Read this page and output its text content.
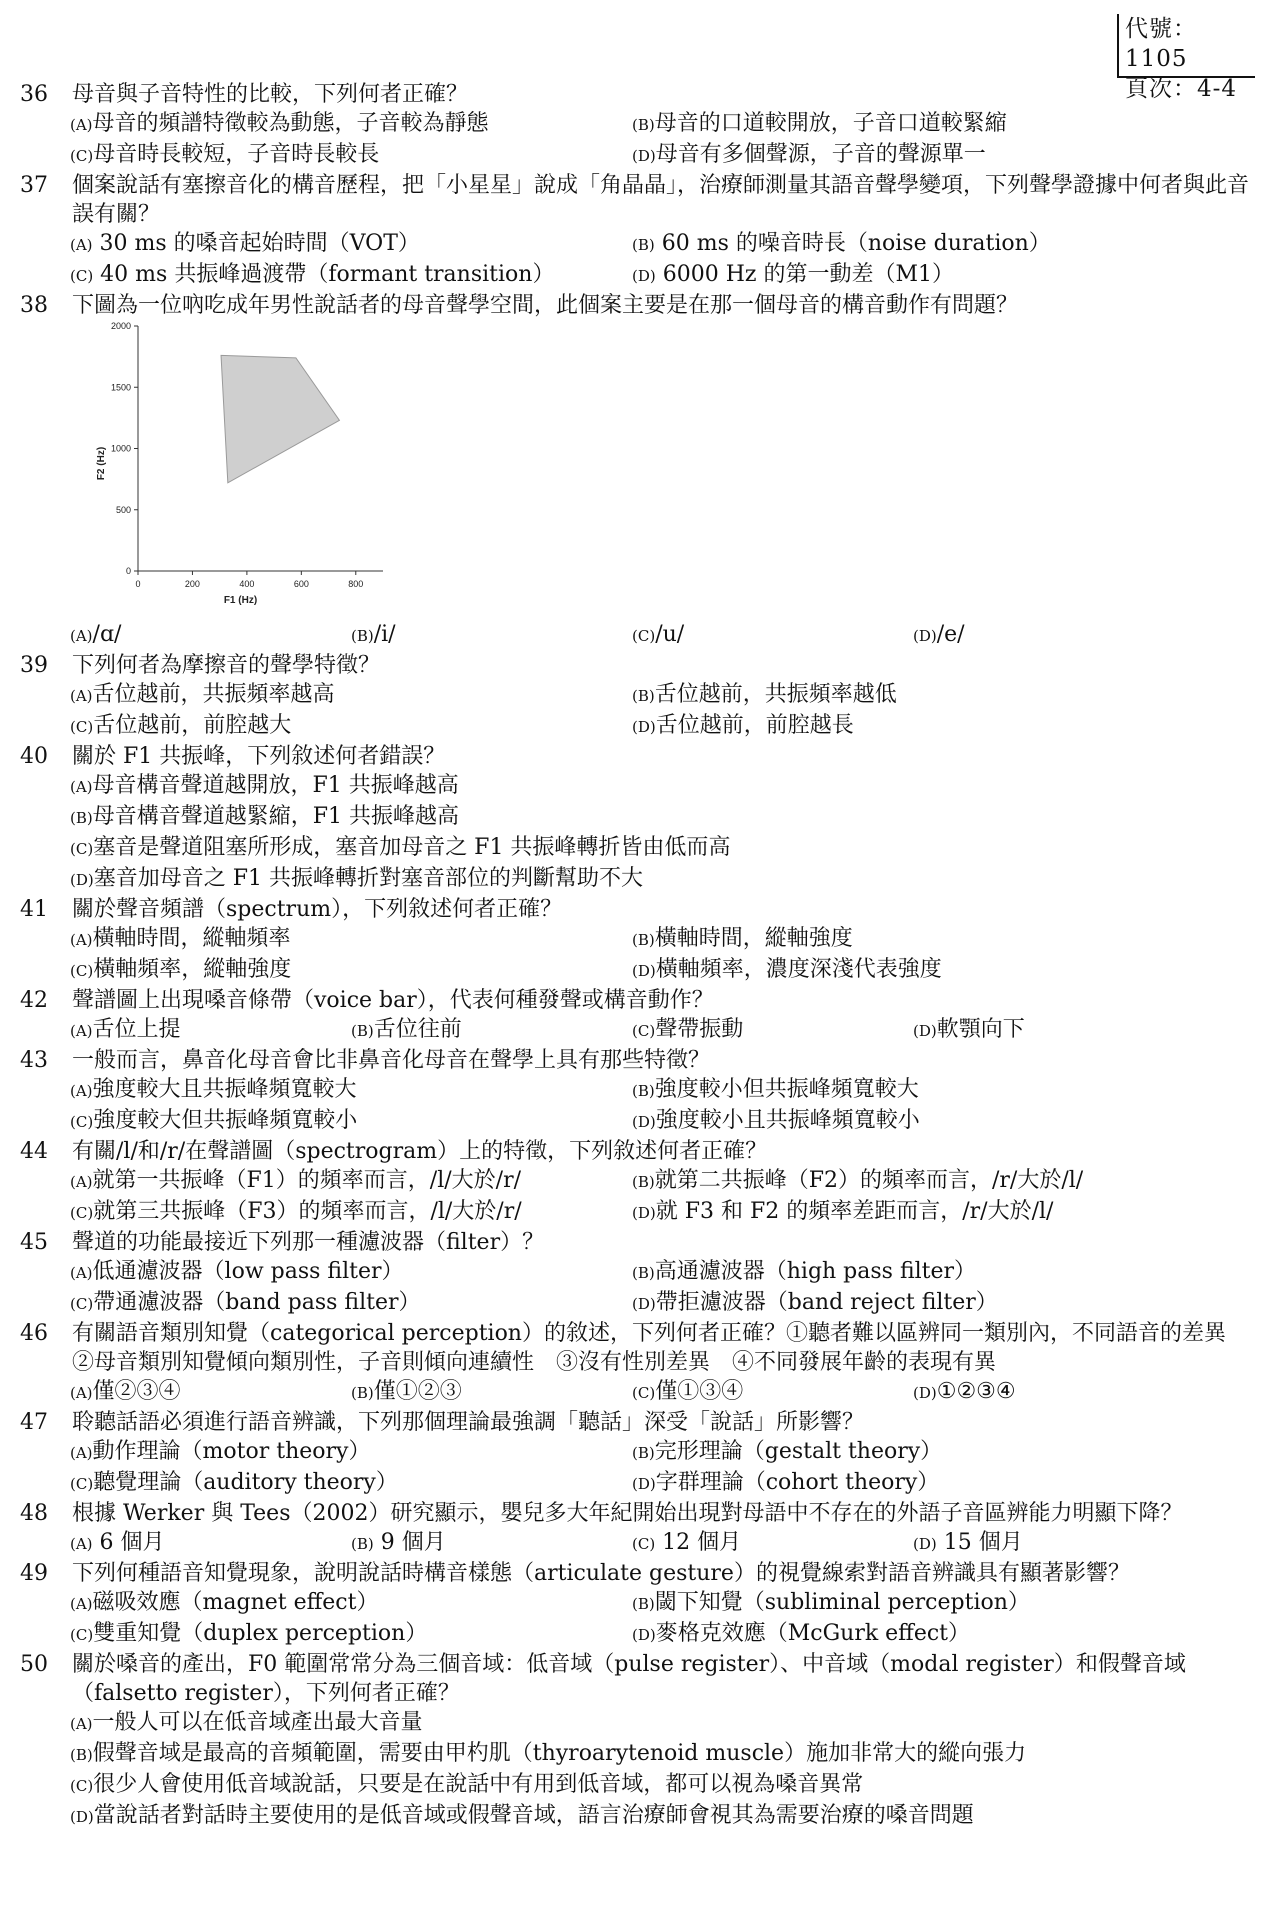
代號：1105
頁次：4-4
36	母音與子音特性的比較，下列何者正確？
(A)母音的頻譜特徵較為動態，子音較為靜態	(B)母音的口道較開放，子音口道較緊縮
(C)母音時長較短，子音時長較長	(D)母音有多個聲源，子音的聲源單一
37	個案說話有塞擦音化的構音歷程，把「小星星」說成「角晶晶」，治療師測量其語音聲學變項，下列聲學證據中何者與此音誤有關？
(A) 30 ms 的嗓音起始時間（VOT）	(B) 60 ms 的噪音時長（noise duration）
(C) 40 ms 共振峰過渡帶（formant transition）	(D) 6000 Hz 的第一動差（M1）
38	下圖為一位吶吃成年男性說話者的母音聲學空間，此個案主要是在那一個母音的構音動作有問題？
0	200	400	600	800
0
500
1000
1500
2000
F1 (Hz)
F2 (Hz)
(A)/ɑ/	(B)/i/	(C)/u/	(D)/e/
39	下列何者為摩擦音的聲學特徵？
(A)舌位越前，共振頻率越高	(B)舌位越前，共振頻率越低
(C)舌位越前，前腔越大	(D)舌位越前，前腔越長
40	關於 F1 共振峰，下列敘述何者錯誤？
(A)母音構音聲道越開放，F1 共振峰越高
(B)母音構音聲道越緊縮，F1 共振峰越高
(C)塞音是聲道阻塞所形成，塞音加母音之 F1 共振峰轉折皆由低而高
(D)塞音加母音之 F1 共振峰轉折對塞音部位的判斷幫助不大
41	關於聲音頻譜（spectrum），下列敘述何者正確？
(A)橫軸時間，縱軸頻率	(B)橫軸時間，縱軸強度
(C)橫軸頻率，縱軸強度	(D)橫軸頻率，濃度深淺代表強度
42	聲譜圖上出現嗓音條帶（voice bar），代表何種發聲或構音動作？
(A)舌位上提	(B)舌位往前	(C)聲帶振動	(D)軟顎向下
43	一般而言，鼻音化母音會比非鼻音化母音在聲學上具有那些特徵？
(A)強度較大且共振峰頻寬較大	(B)強度較小但共振峰頻寬較大
(C)強度較大但共振峰頻寬較小	(D)強度較小且共振峰頻寬較小
44	有關/l/和/r/在聲譜圖（spectrogram）上的特徵，下列敘述何者正確？
(A)就第一共振峰（F1）的頻率而言，/l/大於/r/	(B)就第二共振峰（F2）的頻率而言，/r/大於/l/
(C)就第三共振峰（F3）的頻率而言，/l/大於/r/	(D)就 F3 和 F2 的頻率差距而言，/r/大於/l/
45	聲道的功能最接近下列那一種濾波器（filter）？
(A)低通濾波器（low pass filter）	(B)高通濾波器（high pass filter）
(C)帶通濾波器（band pass filter）	(D)帶拒濾波器（band reject filter）
46	有關語音類別知覺（categorical perception）的敘述，下列何者正確？①聽者難以區辨同一類別內，不同語音的差異　②母音類別知覺傾向類別性，子音則傾向連續性　③沒有性別差異　④不同發展年齡的表現有異
(A)僅②③④	(B)僅①②③	(C)僅①③④	(D)①②③④
47	聆聽話語必須進行語音辨識，下列那個理論最強調「聽話」深受「說話」所影響？
(A)動作理論（motor theory）	(B)完形理論（gestalt theory）
(C)聽覺理論（auditory theory）	(D)字群理論（cohort theory）
48	根據 Werker 與 Tees（2002）研究顯示，嬰兒多大年紀開始出現對母語中不存在的外語子音區辨能力明顯下降？
(A) 6 個月	(B) 9 個月	(C) 12 個月	(D) 15 個月
49	下列何種語音知覺現象，說明說話時構音樣態（articulate gesture）的視覺線索對語音辨識具有顯著影響？
(A)磁吸效應（magnet effect）	(B)閾下知覺（subliminal perception）
(C)雙重知覺（duplex perception）	(D)麥格克效應（McGurk effect）
50	關於嗓音的產出，F0 範圍常常分為三個音域：低音域（pulse register）、中音域（modal register）和假聲音域（falsetto register），下列何者正確？
(A)一般人可以在低音域產出最大音量
(B)假聲音域是最高的音頻範圍，需要由甲杓肌（thyroarytenoid muscle）施加非常大的縱向張力
(C)很少人會使用低音域說話，只要是在說話中有用到低音域，都可以視為嗓音異常
(D)當說話者對話時主要使用的是低音域或假聲音域，語言治療師會視其為需要治療的嗓音問題
